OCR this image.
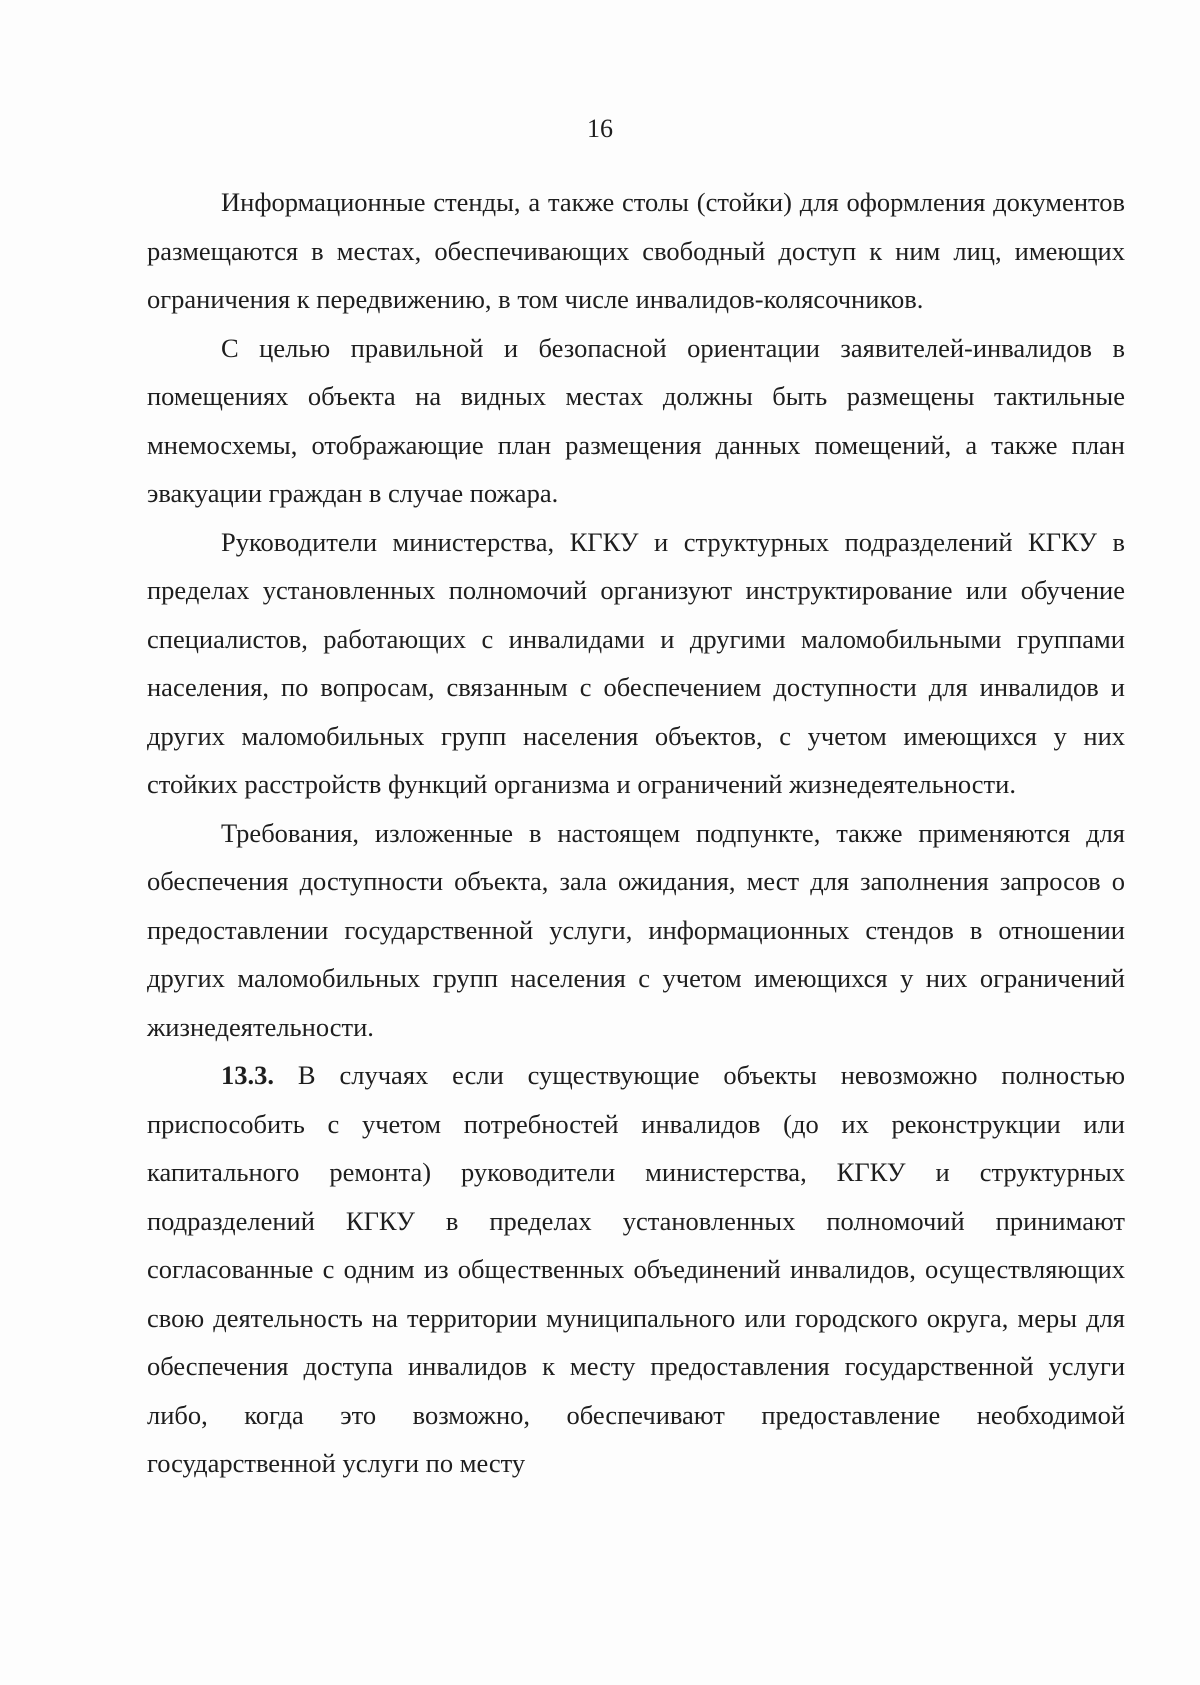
16

Информационные стенды, а также столы (стойки) для оформления документов размещаются в местах, обеспечивающих свободный доступ к ним лиц, имеющих ограничения к передвижению, в том числе инвалидов-колясочников.

С целью правильной и безопасной ориентации заявителей-инвалидов в помещениях объекта на видных местах должны быть размещены тактильные мнемосхемы, отображающие план размещения данных помещений, а также план эвакуации граждан в случае пожара.

Руководители министерства, КГКУ и структурных подразделений КГКУ в пределах установленных полномочий организуют инструктирование или обучение специалистов, работающих с инвалидами и другими маломобильными группами населения, по вопросам, связанным с обеспечением доступности для инвалидов и других маломобильных групп населения объектов, с учетом имеющихся у них стойких расстройств функций организма и ограничений жизнедеятельности.

Требования, изложенные в настоящем подпункте, также применяются для обеспечения доступности объекта, зала ожидания, мест для заполнения запросов о предоставлении государственной услуги, информационных стендов в отношении других маломобильных групп населения с учетом имеющихся у них ограничений жизнедеятельности.

13.3. В случаях если существующие объекты невозможно полностью приспособить с учетом потребностей инвалидов (до их реконструкции или капитального ремонта) руководители министерства, КГКУ и структурных подразделений КГКУ в пределах установленных полномочий принимают согласованные с одним из общественных объединений инвалидов, осуществляющих свою деятельность на территории муниципального или городского округа, меры для обеспечения доступа инвалидов к месту предоставления государственной услуги либо, когда это возможно, обеспечивают предоставление необходимой государственной услуги по месту
